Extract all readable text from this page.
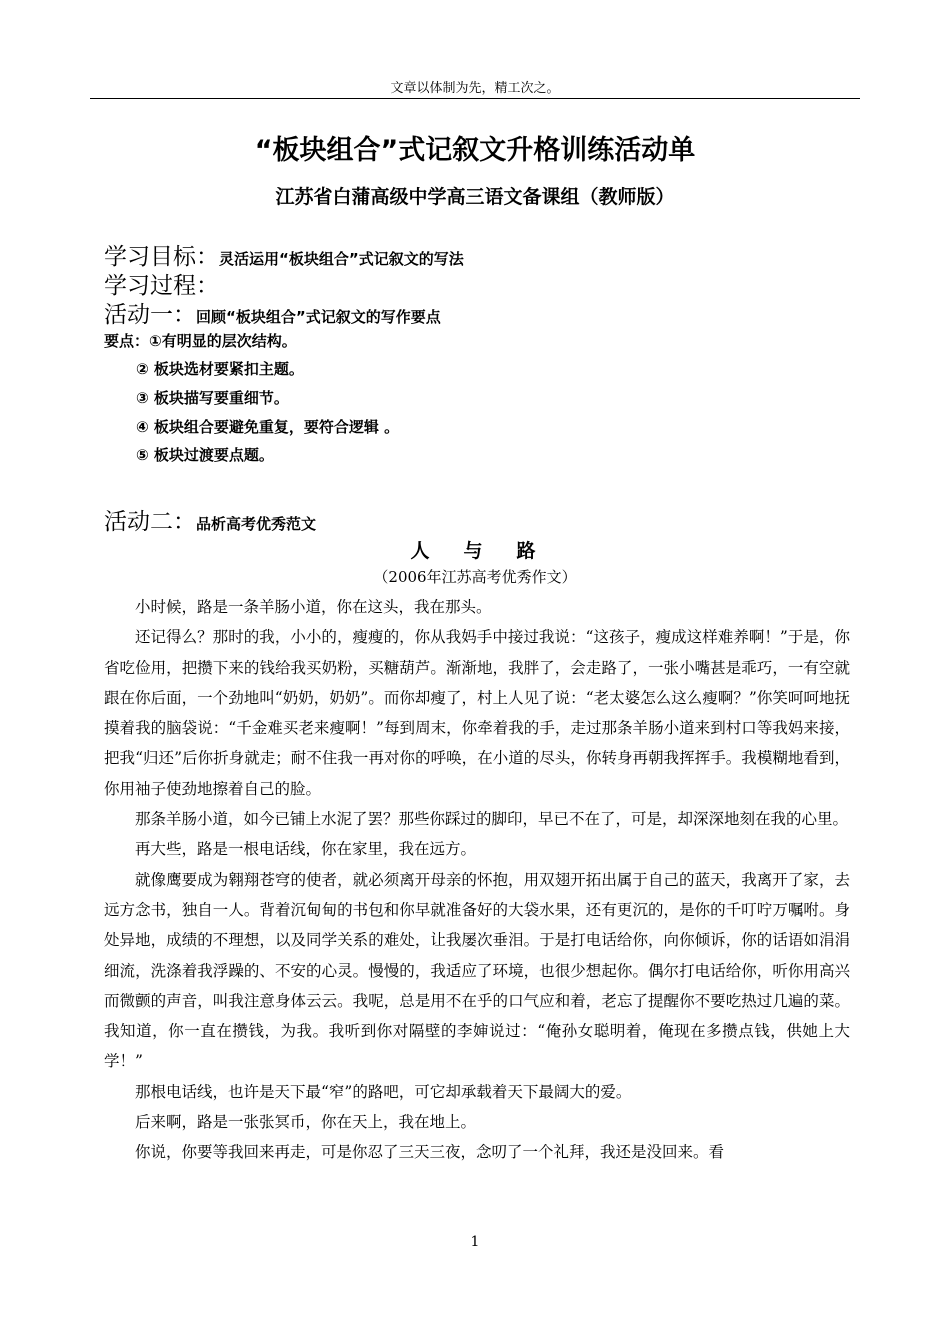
文章以体制为先，精工次之。
“板块组合”式记叙文升格训练活动单
江苏省白蒲高级中学高三语文备课组（教师版）
学习目标：灵活运用“板块组合”式记叙文的写法
学习过程：
活动一：回顾“板块组合”式记叙文的写作要点
要点：①有明显的层次结构。
② 板块选材要紧扣主题。
③ 板块描写要重细节。
④ 板块组合要避免重复，要符合逻辑 。
⑤ 板块过渡要点题。
活动二：品析高考优秀范文
人与路
（2006年江苏高考优秀作文）

小时候，路是一条羊肠小道，你在这头，我在那头。

还记得么？那时的我，小小的，瘦瘦的，你从我妈手中接过我说：“这孩子，瘦成这样难养啊！”于是，你省吃俭用，把攒下来的钱给我买奶粉，买糖葫芦。渐渐地，我胖了，会走路了，一张小嘴甚是乖巧，一有空就跟在你后面，一个劲地叫“奶奶，奶奶”。而你却瘦了，村上人见了说：“老太婆怎么这么瘦啊？”你笑呵呵地抚摸着我的脑袋说：“千金难买老来瘦啊！”每到周末，你牵着我的手，走过那条羊肠小道来到村口等我妈来接，把我“归还”后你折身就走；耐不住我一再对你的呼唤，在小道的尽头，你转身再朝我挥挥手。我模糊地看到，你用袖子使劲地擦着自己的脸。

那条羊肠小道，如今已铺上水泥了罢？那些你踩过的脚印，早已不在了，可是，却深深地刻在我的心里。

再大些，路是一根电话线，你在家里，我在远方。

就像鹰要成为翱翔苍穹的使者，就必须离开母亲的怀抱，用双翅开拓出属于自己的蓝天，我离开了家，去远方念书，独自一人。背着沉甸甸的书包和你早就准备好的大袋水果，还有更沉的，是你的千叮咛万嘱咐。身处异地，成绩的不理想，以及同学关系的难处，让我屡次垂泪。于是打电话给你，向你倾诉，你的话语如涓涓细流，洗涤着我浮躁的、不安的心灵。慢慢的，我适应了环境，也很少想起你。偶尔打电话给你，听你用高兴而微颤的声音，叫我注意身体云云。我呢，总是用不在乎的口气应和着，老忘了提醒你不要吃热过几遍的菜。我知道，你一直在攒钱，为我。我听到你对隔壁的李婶说过：“俺孙女聪明着，俺现在多攒点钱，供她上大学！”

那根电话线，也许是天下最“窄”的路吧，可它却承载着天下最阔大的爱。

后来啊，路是一张张冥币，你在天上，我在地上。

你说，你要等我回来再走，可是你忍了三天三夜，念叨了一个礼拜，我还是没回来。看

1
